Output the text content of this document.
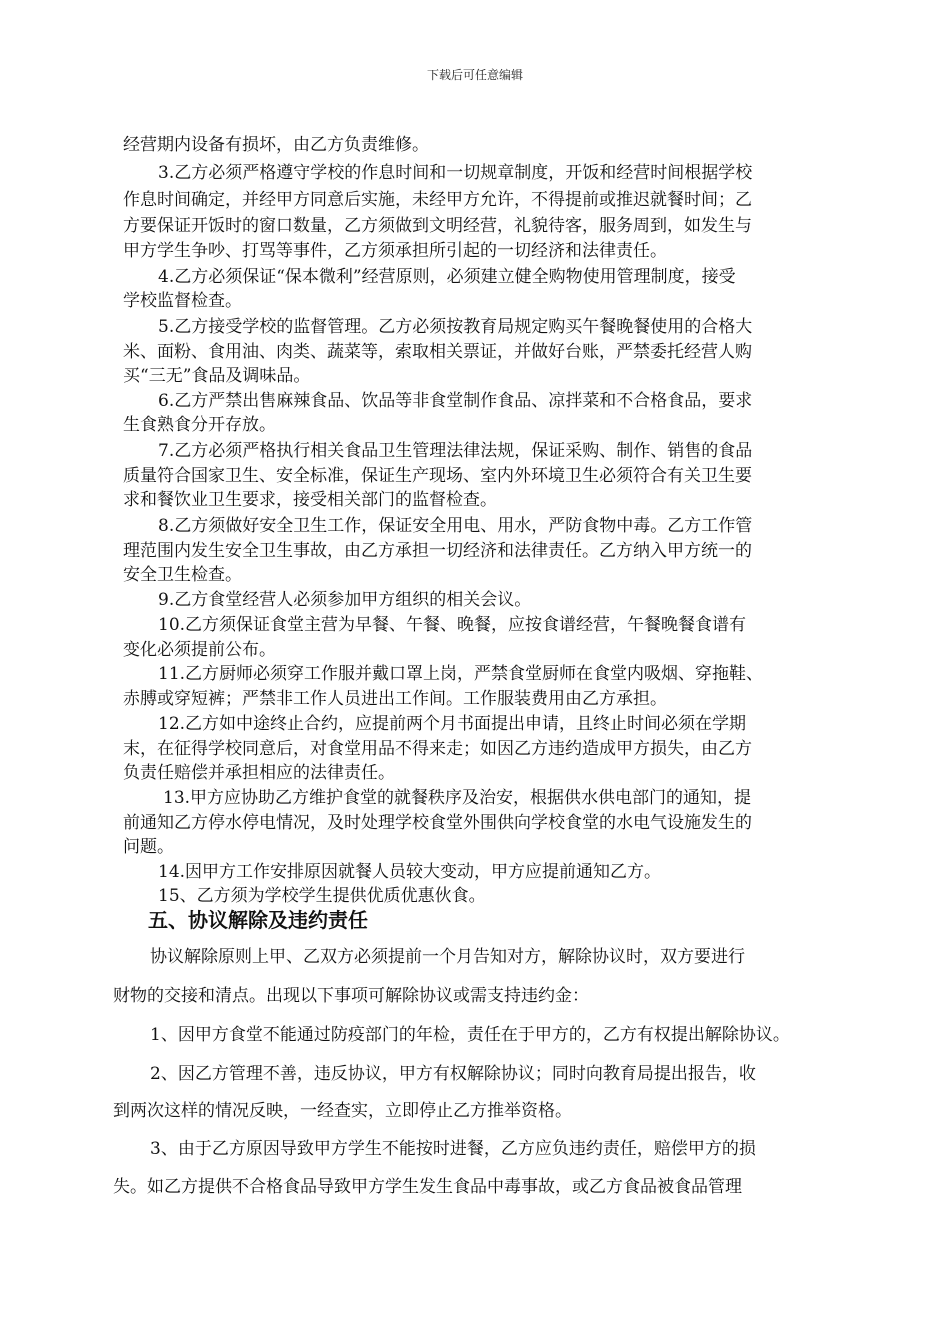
下载后可任意编辑
经营期内设备有损坏，由乙方负责维修。
3.乙方必须严格遵守学校的作息时间和一切规章制度，开饭和经营时间根据学校
作息时间确定，并经甲方同意后实施，未经甲方允许，不得提前或推迟就餐时间；乙
方要保证开饭时的窗口数量，乙方须做到文明经营，礼貌待客，服务周到，如发生与
甲方学生争吵、打骂等事件，乙方须承担所引起的一切经济和法律责任。
4.乙方必须保证“保本微利”经营原则，必须建立健全购物使用管理制度，接受
学校监督检查。
5.乙方接受学校的监督管理。乙方必须按教育局规定购买午餐晚餐使用的合格大
米、面粉、食用油、肉类、蔬菜等，索取相关票证，并做好台账，严禁委托经营人购
买“三无”食品及调味品。
6.乙方严禁出售麻辣食品、饮品等非食堂制作食品、凉拌菜和不合格食品，要求
生食熟食分开存放。
7.乙方必须严格执行相关食品卫生管理法律法规，保证采购、制作、销售的食品
质量符合国家卫生、安全标准，保证生产现场、室内外环境卫生必须符合有关卫生要
求和餐饮业卫生要求，接受相关部门的监督检查。
8.乙方须做好安全卫生工作，保证安全用电、用水，严防食物中毒。乙方工作管
理范围内发生安全卫生事故，由乙方承担一切经济和法律责任。乙方纳入甲方统一的
安全卫生检查。
9.乙方食堂经营人必须参加甲方组织的相关会议。
10.乙方须保证食堂主营为早餐、午餐、晚餐，应按食谱经营，午餐晚餐食谱有
变化必须提前公布。
11.乙方厨师必须穿工作服并戴口罩上岗，严禁食堂厨师在食堂内吸烟、穿拖鞋、
赤膊或穿短裤；严禁非工作人员进出工作间。工作服装费用由乙方承担。
12.乙方如中途终止合约，应提前两个月书面提出申请，且终止时间必须在学期
末，在征得学校同意后，对食堂用品不得来走；如因乙方违约造成甲方损失，由乙方
负责任赔偿并承担相应的法律责任。
13.甲方应协助乙方维护食堂的就餐秩序及治安，根据供水供电部门的通知，提
前通知乙方停水停电情况，及时处理学校食堂外围供向学校食堂的水电气设施发生的
问题。
14.因甲方工作安排原因就餐人员较大变动，甲方应提前通知乙方。
15、乙方须为学校学生提供优质优惠伙食。
五、协议解除及违约责任
协议解除原则上甲、乙双方必须提前一个月告知对方，解除协议时，双方要进行
财物的交接和清点。出现以下事项可解除协议或需支持违约金：
1、因甲方食堂不能通过防疫部门的年检，责任在于甲方的，乙方有权提出解除协议。
2、因乙方管理不善，违反协议，甲方有权解除协议；同时向教育局提出报告，收
到两次这样的情况反映，一经查实，立即停止乙方推举资格。
3、由于乙方原因导致甲方学生不能按时进餐，乙方应负违约责任，赔偿甲方的损
失。如乙方提供不合格食品导致甲方学生发生食品中毒事故，或乙方食品被食品管理
